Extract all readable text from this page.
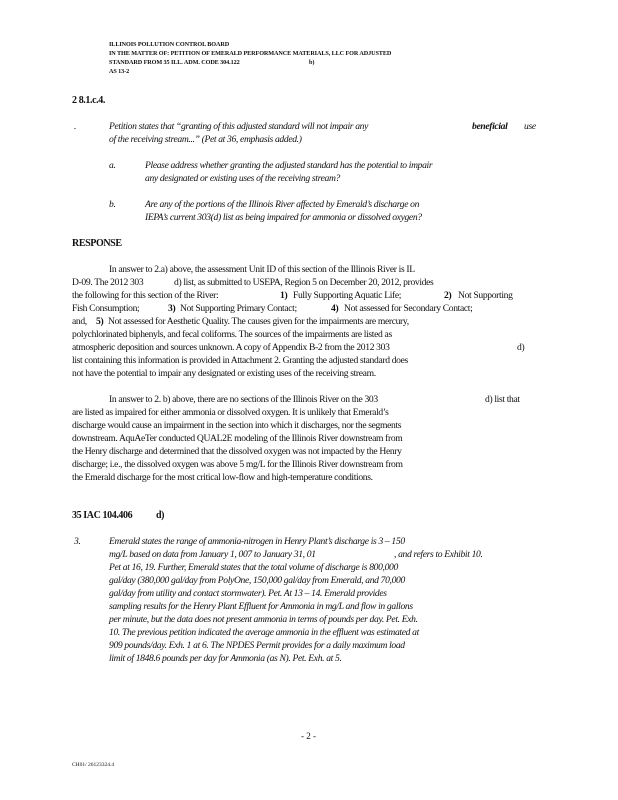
ILLINOIS POLLUTION CONTROL BOARD
IN THE MATTER OF: PETITION OF EMERALD PERFORMANCE MATERIALS, LLC FOR ADJUSTED
STANDARD FROM 35 ILL. ADM. CODE 304.122	b)
AS 13-2
2 8.1.c.4.
.	Petition states that “granting of this adjusted standard will not impair any	beneficial use
of the receiving stream...” (Pet at 36, emphasis added.)
a.	Please address whether granting the adjusted standard has the potential to impair
any designated or existing uses of the receiving stream?
b.	Are any of the portions of the Illinois River affected by Emerald’s discharge on
IEPA’s current 303(d) list as being impaired for ammonia or dissolved oxygen?
RESPONSE
In answer to 2.a) above, the assessment Unit ID of this section of the Illinois River is IL
D-09. The 2012 303	d) list, as submitted to USEPA, Region 5 on December 20, 2012, provides
the following for this section of the River:	1) Fully Supporting Aquatic Life;	2) Not Supporting
Fish Consumption;	3) Not Supporting Primary Contact;	4) Not assessed for Secondary Contact;
and, 5) Not assessed for Aesthetic Quality. The causes given for the impairments are mercury,
polychlorinated biphenyls, and fecal coliforms. The sources of the impairments are listed as
atmospheric deposition and sources unknown. A copy of Appendix B-2 from the 2012 303	d)
list containing this information is provided in Attachment 2. Granting the adjusted standard does
not have the potential to impair any designated or existing uses of the receiving stream.
In answer to 2. b) above, there are no sections of the Illinois River on the 303	d) list that
are listed as impaired for either ammonia or dissolved oxygen. It is unlikely that Emerald’s
discharge would cause an impairment in the section into which it discharges, nor the segments
downstream. AquAeTer conducted QUAL2E modeling of the Illinois River downstream from
the Henry discharge and determined that the dissolved oxygen was not impacted by the Henry
discharge; i.e., the dissolved oxygen was above 5 mg/L for the Illinois River downstream from
the Emerald discharge for the most critical low-flow and high-temperature conditions.
35 IAC 104.406 d)
3.	Emerald states the range of ammonia-nitrogen in Henry Plant’s discharge is 3 – 150
mg/L based on data from January 1, 007 to January 31, 01	, and refers to Exhibit 10.
Pet at 16, 19. Further, Emerald states that the total volume of discharge is 800,000
gal/day (380,000 gal/day from PolyOne, 150,000 gal/day from Emerald, and 70,000
gal/day from utility and contact stormwater). Pet. At 13 – 14. Emerald provides
sampling results for the Henry Plant Effluent for Ammonia in mg/L and flow in gallons
per minute, but the data does not present ammonia in terms of pounds per day. Pet. Exh.
10. The previous petition indicated the average ammonia in the effluent was estimated at
909 pounds/day. Exh. 1 at 6. The NPDES Permit provides for a daily maximum load
limit of 1848.6 pounds per day for Ammonia (as N). Pet. Exh. at 5.
- 2 -
CH01/ 26123324.4
